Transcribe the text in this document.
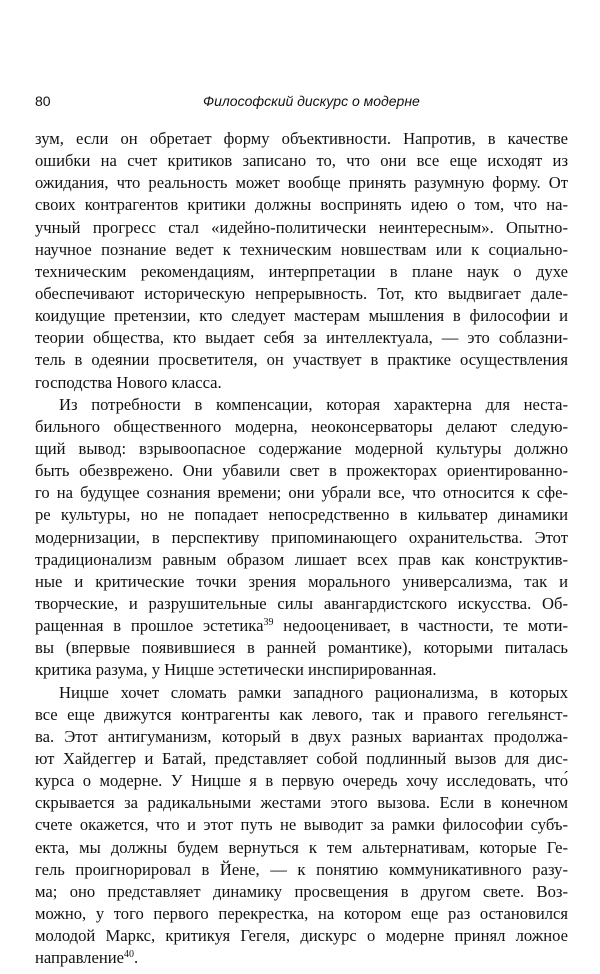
80	Философский дискурс о модерне
зум, если он обретает форму объективности. Напротив, в качестве
ошибки на счет критиков записано то, что они все еще исходят из
ожидания, что реальность может вообще принять разумную форму. От
своих контрагентов критики должны воспринять идею о том, что на-
учный прогресс стал «идейно-политически неинтересным». Опытно-
научное познание ведет к техническим новшествам или к социально-
техническим рекомендациям, интерпретации в плане наук о духе
обеспечивают историческую непрерывность. Тот, кто выдвигает дале-
коидущие претензии, кто следует мастерам мышления в философии и
теории общества, кто выдает себя за интеллектуала, — это соблазни-
тель в одеянии просветителя, он участвует в практике осуществления
господства Нового класса.
Из потребности в компенсации, которая характерна для неста-
бильного общественного модерна, неоконсерваторы делают следую-
щий вывод: взрывоопасное содержание модерной культуры должно
быть обезврежено. Они убавили свет в прожекторах ориентированно-
го на будущее сознания времени; они убрали все, что относится к сфе-
ре культуры, но не попадает непосредственно в кильватер динамики
модернизации, в перспективу припоминающего охранительства. Этот
традиционализм равным образом лишает всех прав как конструктив-
ные и критические точки зрения морального универсализма, так и
творческие, и разрушительные силы авангардистского искусства. Об-
ращенная в прошлое эстетика$^{39}$ недооценивает, в частности, те моти-
вы (впервые появившиеся в ранней романтике), которыми питалась
критика разума, у Ницше эстетически инспирированная.
Ницше хочет сломать рамки западного рационализма, в которых
все еще движутся контрагенты как левого, так и правого гегельянст-
ва. Этот антигуманизм, который в двух разных вариантах продолжа-
ют Хайдеггер и Батай, представляет собой подлинный вызов для дис-
курса о модерне. У Ницше я в первую очередь хочу исследовать, что́
скрывается за радикальными жестами этого вызова. Если в конечном
счете окажется, что и этот путь не выводит за рамки философии субъ-
екта, мы должны будем вернуться к тем альтернативам, которые Ге-
гель проигнорировал в Йене, — к понятию коммуникативного разу-
ма; оно представляет динамику просвещения в другом свете. Воз-
можно, у того первого перекрестка, на котором еще раз остановился
молодой Маркс, критикуя Гегеля, дискурс о модерне принял ложное
направление$^{40}$.
